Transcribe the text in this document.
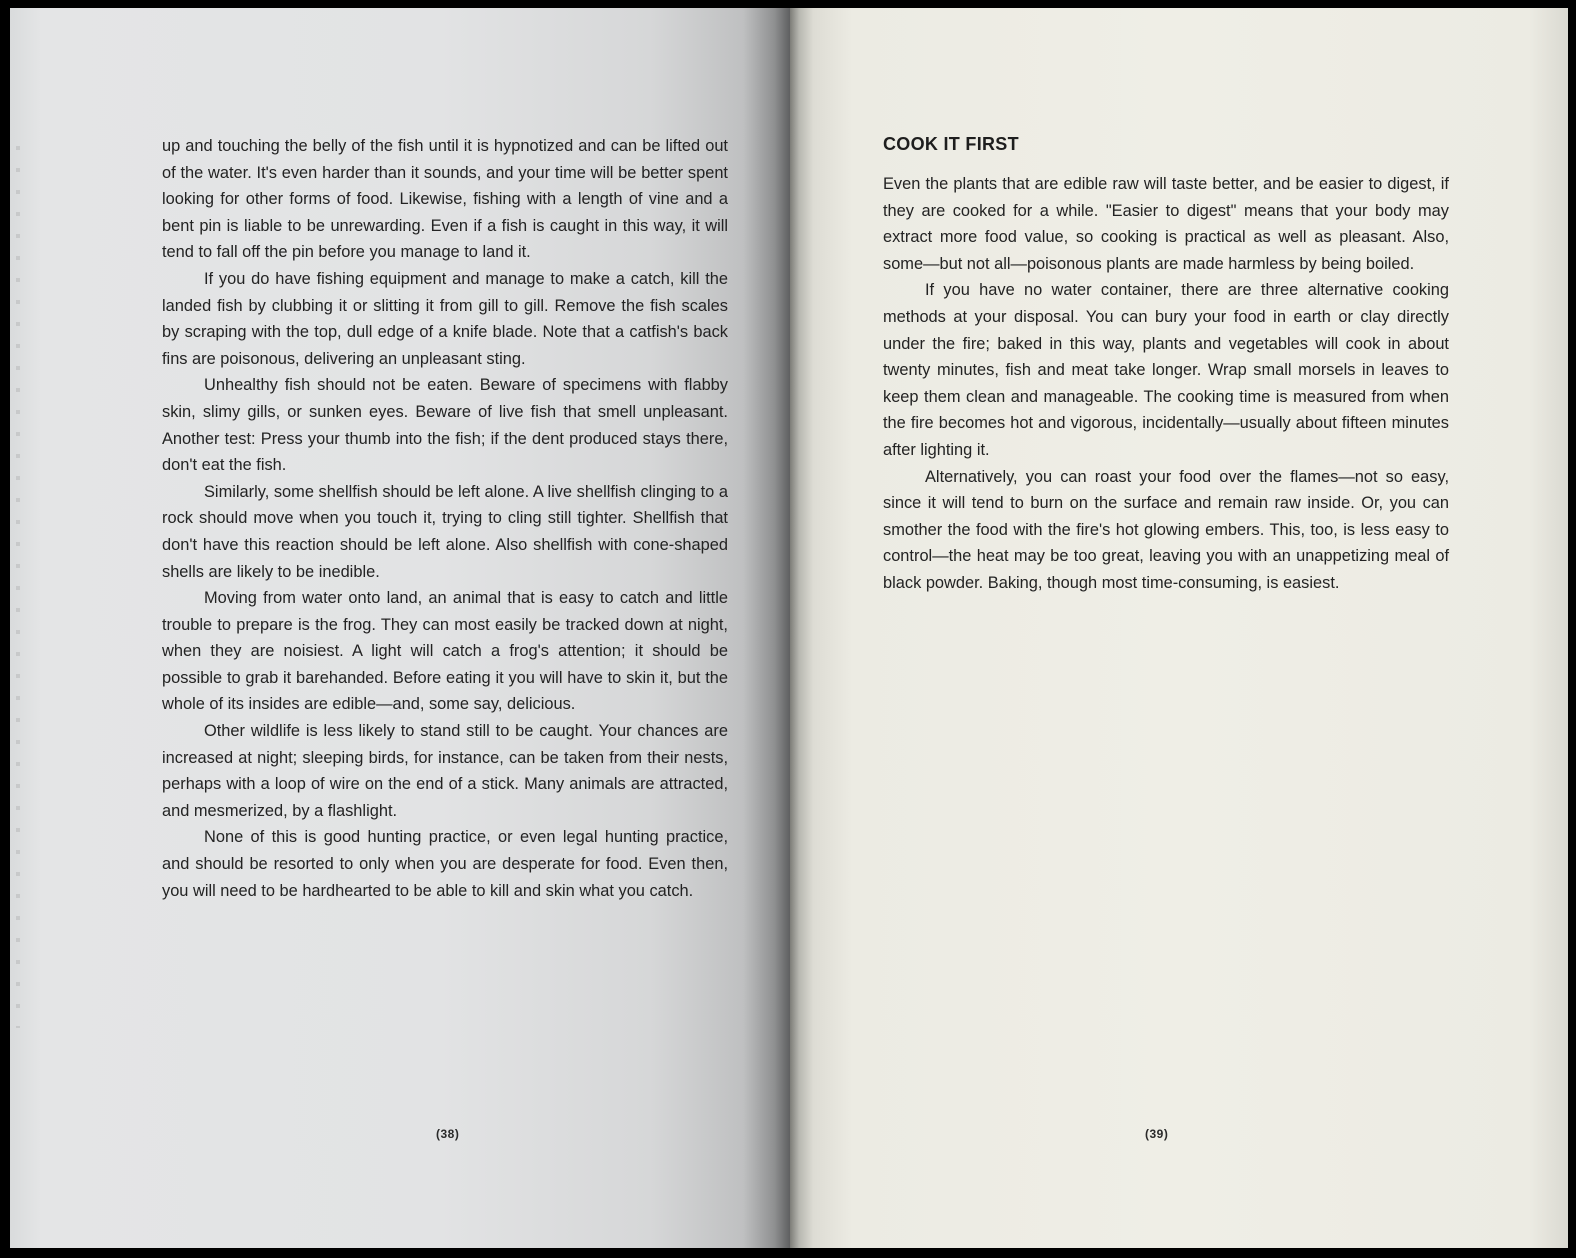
up and touching the belly of the fish until it is hypnotized and can be lifted out of the water. It's even harder than it sounds, and your time will be better spent looking for other forms of food. Likewise, fishing with a length of vine and a bent pin is liable to be unrewarding. Even if a fish is caught in this way, it will tend to fall off the pin before you manage to land it.

If you do have fishing equipment and manage to make a catch, kill the landed fish by clubbing it or slitting it from gill to gill. Remove the fish scales by scraping with the top, dull edge of a knife blade. Note that a catfish's back fins are poisonous, delivering an unpleasant sting.

Unhealthy fish should not be eaten. Beware of specimens with flabby skin, slimy gills, or sunken eyes. Beware of live fish that smell unpleasant. Another test: Press your thumb into the fish; if the dent produced stays there, don't eat the fish.

Similarly, some shellfish should be left alone. A live shellfish clinging to a rock should move when you touch it, trying to cling still tighter. Shellfish that don't have this reaction should be left alone. Also shellfish with cone-shaped shells are likely to be inedible.

Moving from water onto land, an animal that is easy to catch and little trouble to prepare is the frog. They can most easily be tracked down at night, when they are noisiest. A light will catch a frog's attention; it should be possible to grab it barehanded. Before eating it you will have to skin it, but the whole of its insides are edible—and, some say, delicious.

Other wildlife is less likely to stand still to be caught. Your chances are increased at night; sleeping birds, for instance, can be taken from their nests, perhaps with a loop of wire on the end of a stick. Many animals are attracted, and mesmerized, by a flashlight.

None of this is good hunting practice, or even legal hunting practice, and should be resorted to only when you are desperate for food. Even then, you will need to be hardhearted to be able to kill and skin what you catch.

(38)
COOK IT FIRST

Even the plants that are edible raw will taste better, and be easier to digest, if they are cooked for a while. "Easier to digest" means that your body may extract more food value, so cooking is practical as well as pleasant. Also, some—but not all—poisonous plants are made harmless by being boiled.

If you have no water container, there are three alternative cooking methods at your disposal. You can bury your food in earth or clay directly under the fire; baked in this way, plants and vegetables will cook in about twenty minutes, fish and meat take longer. Wrap small morsels in leaves to keep them clean and manageable. The cooking time is measured from when the fire becomes hot and vigorous, incidentally—usually about fifteen minutes after lighting it.

Alternatively, you can roast your food over the flames—not so easy, since it will tend to burn on the surface and remain raw inside. Or, you can smother the food with the fire's hot glowing embers. This, too, is less easy to control—the heat may be too great, leaving you with an unappetizing meal of black powder. Baking, though most time-consuming, is easiest.

(39)
